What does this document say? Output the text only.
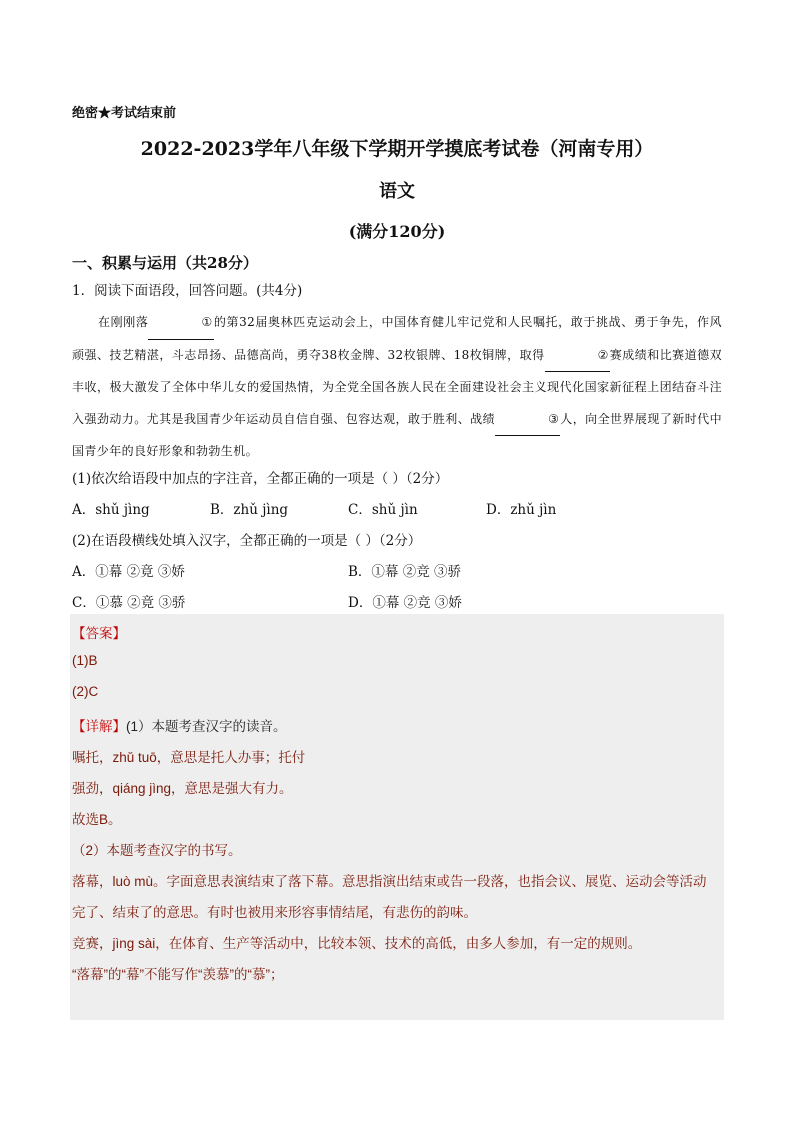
绝密★考试结束前
2022-2023学年八年级下学期开学摸底考试卷（河南专用）
语文
(满分120分)
一、积累与运用（共28分）
1．阅读下面语段，回答问题。(共4分)
在刚刚落	①的第32届奥林匹克运动会上，中国体育健儿牢记党和人民嘱托，敢于挑战、勇于争先，作风顽强、技艺精湛，斗志昂扬、品德高尚，勇夺38枚金牌、32枚银牌、18枚铜牌，取得	②赛成绩和比赛道德双丰收，极大激发了全体中华儿女的爱国热情，为全党全国各族人民在全面建设社会主义现代化国家新征程上团结奋斗注入强劲动力。尤其是我国青少年运动员自信自强、包容达观，敢于胜利、战绩	③人，向全世界展现了新时代中国青少年的良好形象和勃勃生机。
(1)依次给语段中加点的字注音，全都正确的一项是（ ）（2分）
A．shǔ jìng	B．zhǔ jìng	C．shǔ jìn	D．zhǔ jìn
(2)在语段横线处填入汉字，全都正确的一项是（ ）（2分）
A．①幕 ②竟 ③娇	B．①幕 ②竞 ③骄
C．①慕 ②竟 ③骄	D．①幕 ②竞 ③娇
【答案】
(1)B
(2)C
【详解】(1）本题考查汉字的读音。
嘱托，zhǔ tuō，意思是托人办事；托付
强劲，qiáng jìng，意思是强大有力。
故选B。
（2）本题考查汉字的书写。
落幕，luò mù。字面意思表演结束了落下幕。意思指演出结束或告一段落，也指会议、展览、运动会等活动
完了、结束了的意思。有时也被用来形容事情结尾，有悲伤的韵味。
竞赛，jìng sài，在体育、生产等活动中，比较本领、技术的高低，由多人参加，有一定的规则。
“落幕”的“幕”不能写作“羡慕”的“慕”；
